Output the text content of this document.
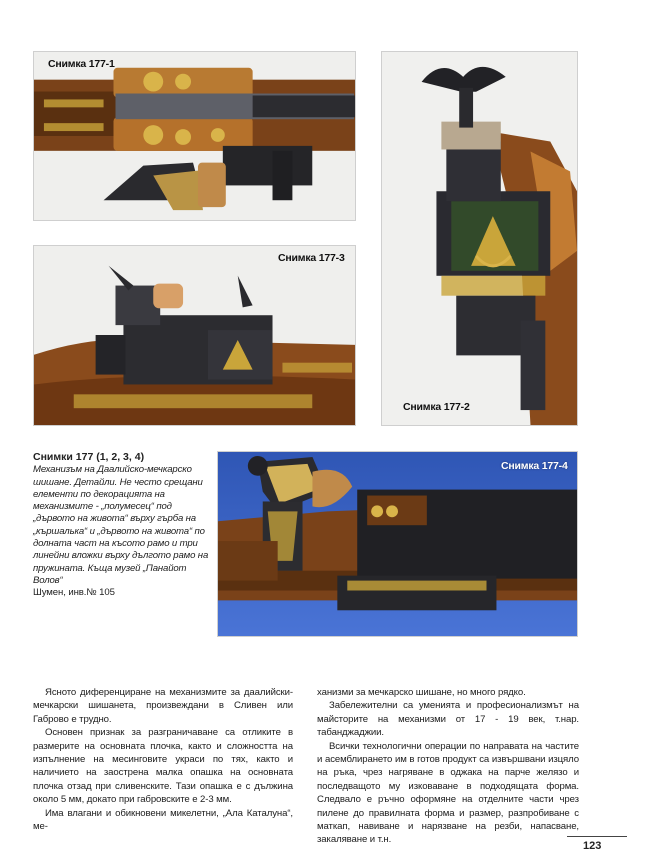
Снимка 177-1
Снимка 177-3
Снимка 177-2
Снимка 177-4
Снимки 177 (1, 2, 3, 4)
Механизъм на Даалийско-мечкарско шишане. Детайли. Не често срещани елементи по декорацията на механизмите - „полумесец“ под „дървото на живота“ върху гърба на „кършалька“ и „дървото на живота“ по долната част на късото рамо и три линейни вложки върху дългото рамо на пружината. Къща музей „Панайот Волов“
Шумен, инв.№ 105

Ясното диференциране на механизмите за даалийски-мечкарски шишанета, произвеждани в Сливен или Габрово е трудно.

Основен признак за разграничаване са отликите в размерите на основната плочка, както и сложността на изпълнение на месинговите украси по тях, както и наличието на заострена малка опашка на основната плочка отзад при сливенските. Тази опашка е с дължина около 5 мм, докато при габровските е 2-3 мм.

Има влагани и обикновени микелетни, „Ала Каталуна“, ме-

ханизми за мечкарско шишане, но много рядко.

Забележителни са уменията и професионализмът на майсторите на механизми от 17 - 19 век, т.нар. табанджаджии.

Всички технологични операции по направата на частите и асемблирането им в готов продукт са извършвани изцяло на ръка, чрез нагряване в оджака на парче желязо и последващото му изковаване в подходящата форма. Следвало е ръчно оформяне на отделните части чрез пилене до правилната форма и размер, разпробиване с маткап, навиване и нарязване на резби, напасване, закаляване и т.н.

123
